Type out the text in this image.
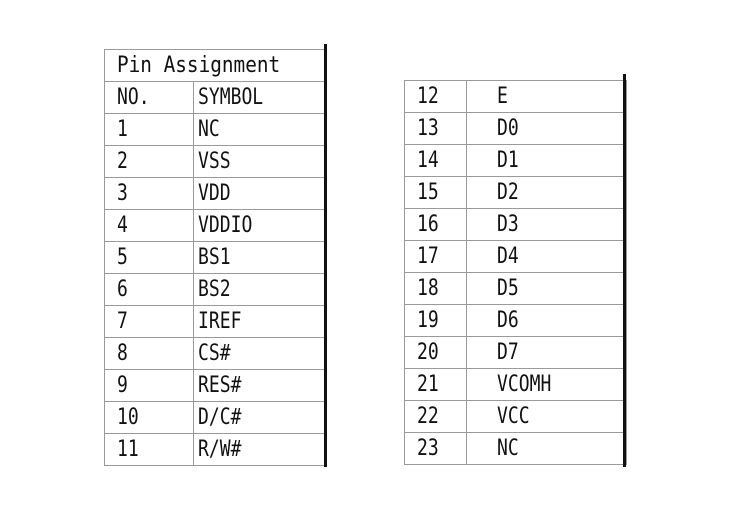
Pin Assignment	
NO.	SYMBOL
1	NC
2	VSS
3	VDD
4	VDDIO
5	BS1
6	BS2
7	IREF
8	CS#
9	RES#
10	D/C#
11	R/W#
12	E
13	D0
14	D1
15	D2
16	D3
17	D4
18	D5
19	D6
20	D7
21	VCOMH
22	VCC
23	NC
